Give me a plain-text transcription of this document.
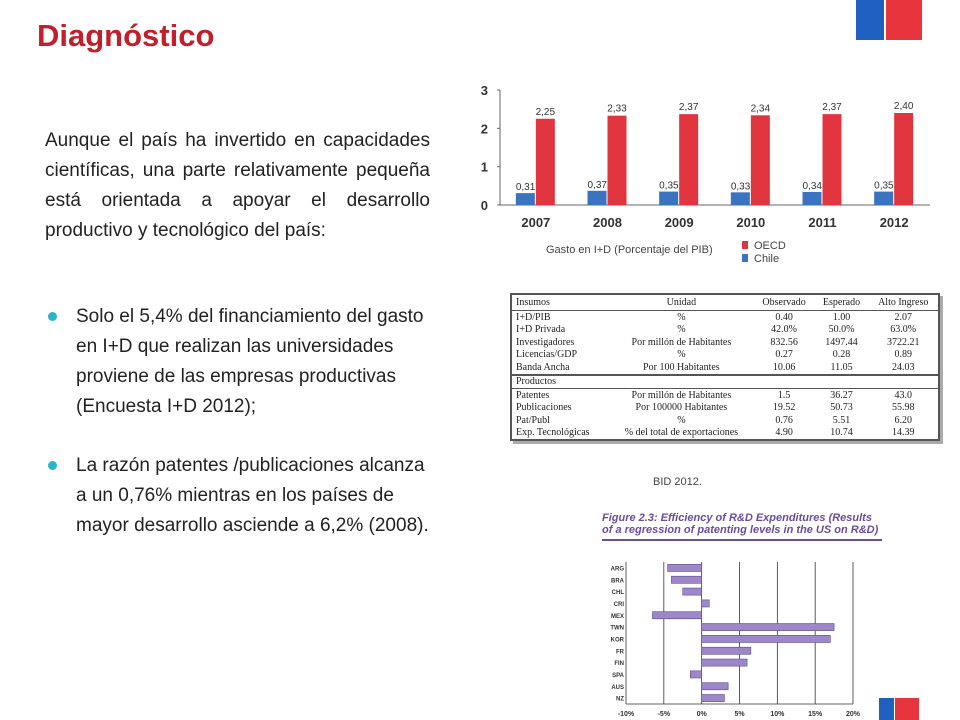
Diagnóstico

Aunque el país ha invertido en capacidades científicas, una parte relativamente pequeña está orientada a apoyar el desarrollo productivo y tecnológico del país:

Solo el 5,4% del financiamiento del gasto en I+D que realizan las universidades proviene de las empresas productivas (Encuesta I+D 2012);
La razón patentes /publicaciones alcanza a un 0,76% mientras en los países de mayor desarrollo asciende a 6,2% (2008).
0
1
2
3
0,31
2,25
2007
0,37
2,33
2008
0,35
2,37
2009
0,33
2,34
2010
0,34
2,37
2011
0,35
2,40
2012
Gasto en I+D (Porcentaje del PIB)	OECD
Chile
Insumos	Unidad	Observado	Esperado	Alto Ingreso
I+D/PIB	%	0.40	1.00	2.07
I+D Privada	%	42.0%	50.0%	63.0%
Investigadores	Por millón de Habitantes	832.56	1497.44	3722.21
Licencias/GDP	%	0.27	0.28	0.89
Banda Ancha	Por 100 Habitantes	10.06	11.05	24.03
Productos				
Patentes	Por millón de Habitantes	1.5	36.27	43.0
Publicaciones	Por 100000 Habitantes	19.52	50.73	55.98
Pat/Publ	%	0.76	5.51	6.20
Exp. Tecnológicas	% del total de exportaciones	4.90	10.74	14.39
BID 2012.
Figure 2.3: Efficiency of R&D Expenditures (Results of a regression of patenting levels in the US on R&D)
-10%	-5%	0%	5%	10%	15%	20%
ARG
BRA
CHL
CRI
MEX
TWN
KOR
FR
FIN
SPA
AUS
NZ
